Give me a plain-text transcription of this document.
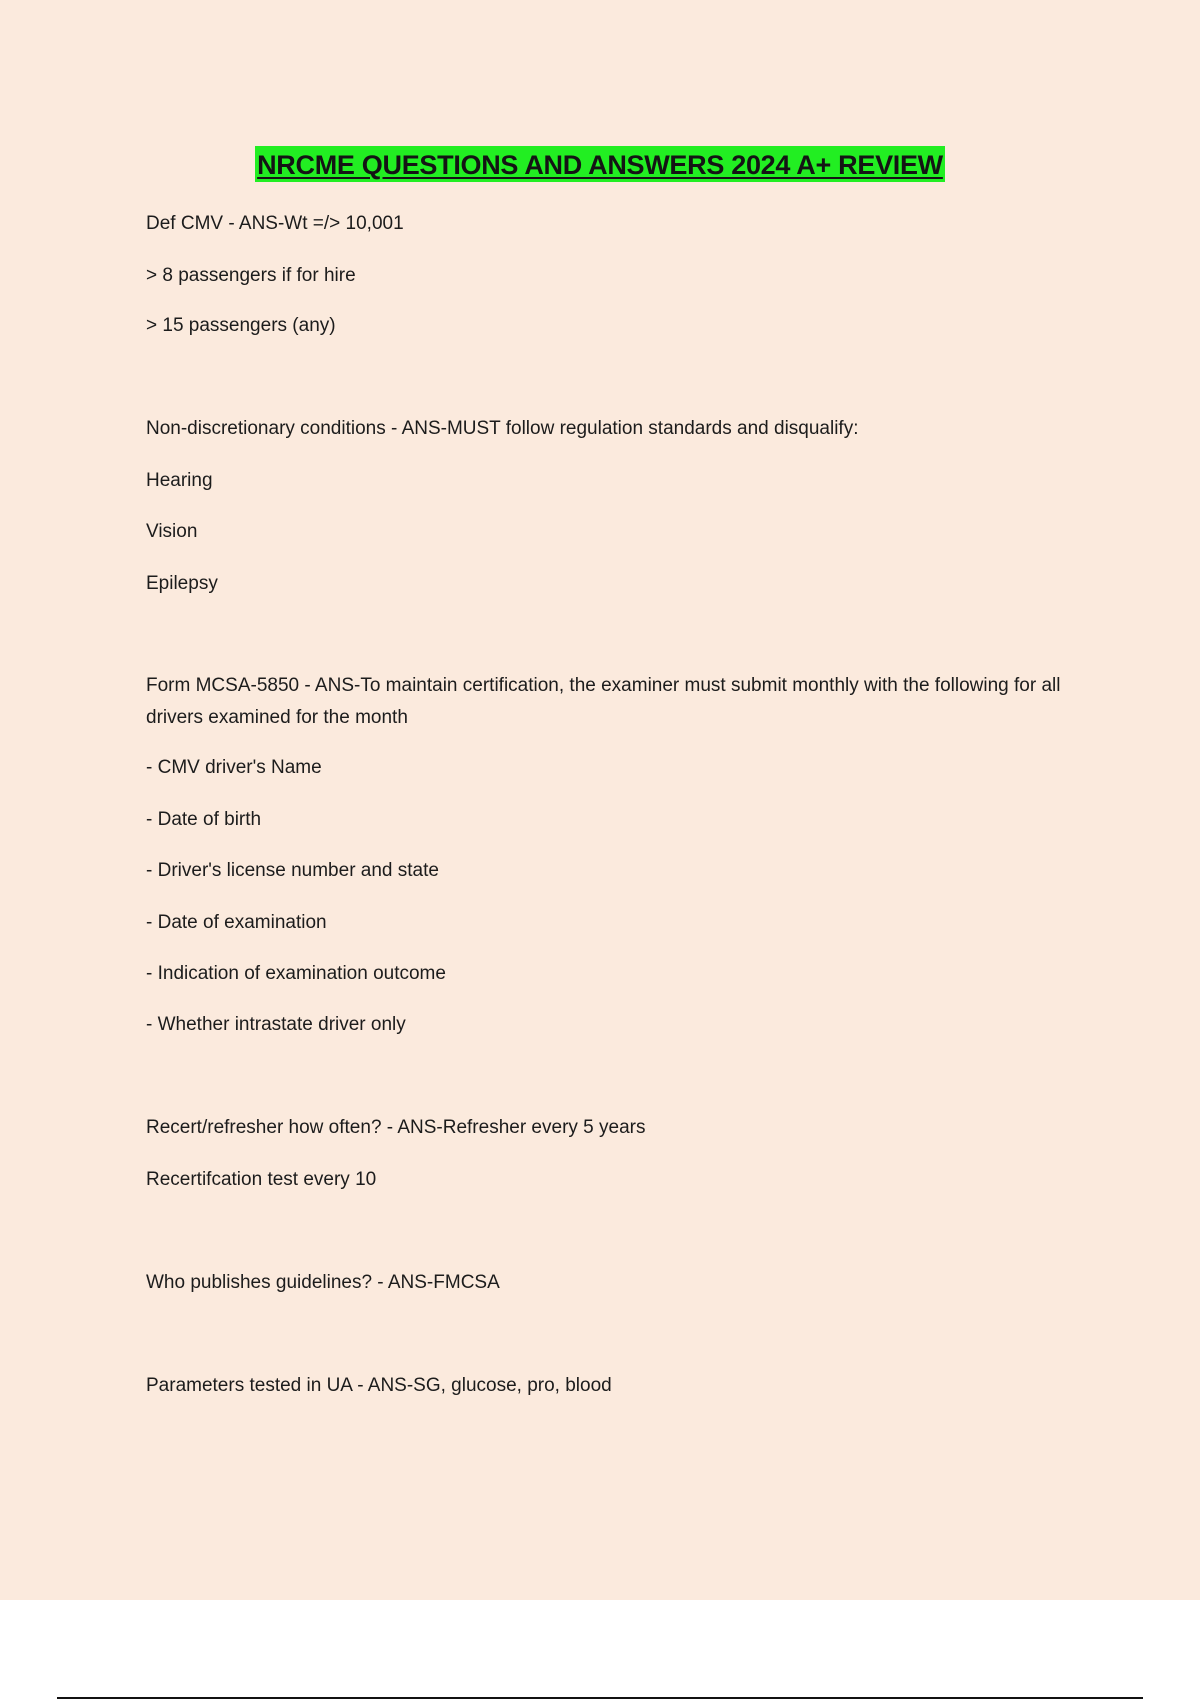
NRCME QUESTIONS AND ANSWERS 2024 A+ REVIEW
Def CMV - ANS-Wt =/> 10,001
> 8 passengers if for hire
> 15 passengers (any)
Non-discretionary conditions - ANS-MUST follow regulation standards and disqualify:
Hearing
Vision
Epilepsy
Form MCSA-5850 - ANS-To maintain certification, the examiner must submit monthly with the following for all drivers examined for the month
- CMV driver's Name
- Date of birth
- Driver's license number and state
- Date of examination
- Indication of examination outcome
- Whether intrastate driver only
Recert/refresher how often? - ANS-Refresher every 5 years
Recertifcation test every 10
Who publishes guidelines? - ANS-FMCSA
Parameters tested in UA - ANS-SG, glucose, pro, blood
